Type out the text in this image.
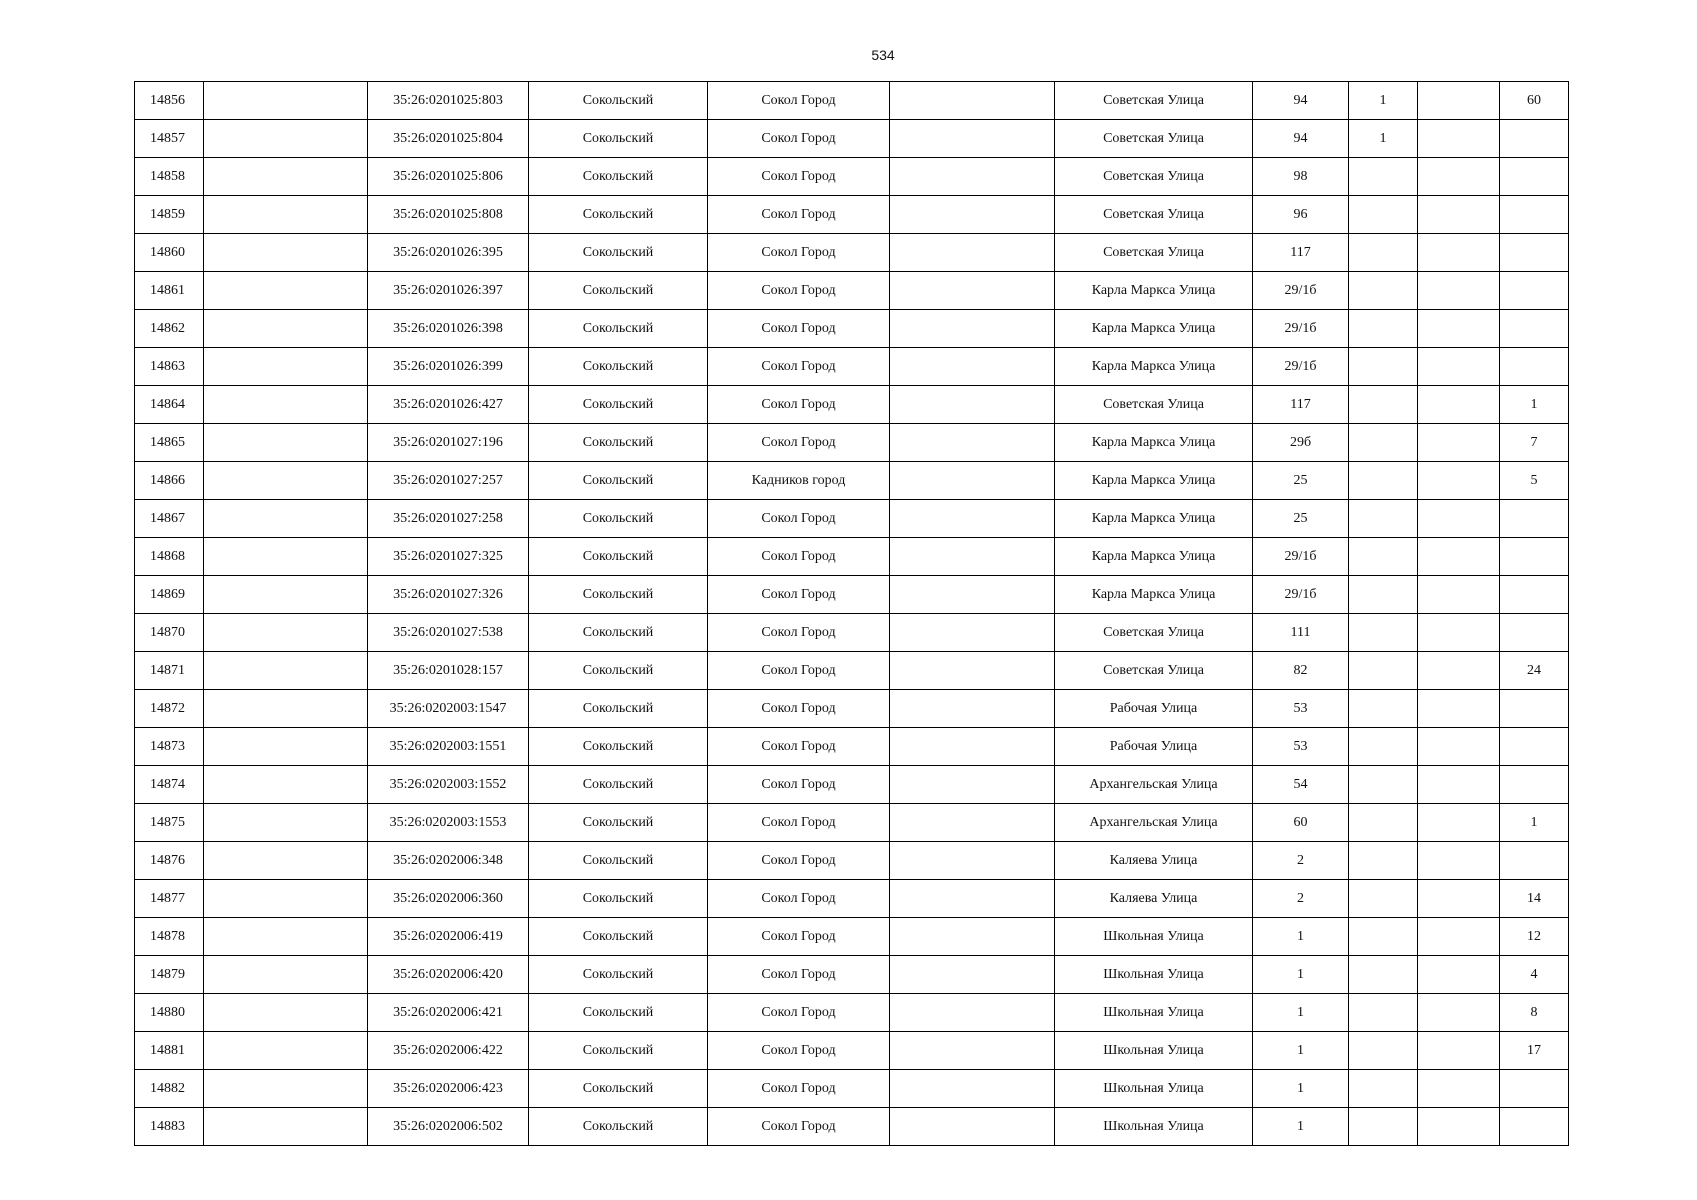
534
14856		35:26:0201025:803	Сокольский	Сокол Город		Советская Улица	94	1		60
14857		35:26:0201025:804	Сокольский	Сокол Город		Советская Улица	94	1		
14858		35:26:0201025:806	Сокольский	Сокол Город		Советская Улица	98			
14859		35:26:0201025:808	Сокольский	Сокол Город		Советская Улица	96			
14860		35:26:0201026:395	Сокольский	Сокол Город		Советская Улица	117			
14861		35:26:0201026:397	Сокольский	Сокол Город		Карла Маркса Улица	29/1б			
14862		35:26:0201026:398	Сокольский	Сокол Город		Карла Маркса Улица	29/1б			
14863		35:26:0201026:399	Сокольский	Сокол Город		Карла Маркса Улица	29/1б			
14864		35:26:0201026:427	Сокольский	Сокол Город		Советская Улица	117			1
14865		35:26:0201027:196	Сокольский	Сокол Город		Карла Маркса Улица	29б			7
14866		35:26:0201027:257	Сокольский	Кадников город		Карла Маркса Улица	25			5
14867		35:26:0201027:258	Сокольский	Сокол Город		Карла Маркса Улица	25			
14868		35:26:0201027:325	Сокольский	Сокол Город		Карла Маркса Улица	29/1б			
14869		35:26:0201027:326	Сокольский	Сокол Город		Карла Маркса Улица	29/1б			
14870		35:26:0201027:538	Сокольский	Сокол Город		Советская Улица	111			
14871		35:26:0201028:157	Сокольский	Сокол Город		Советская Улица	82			24
14872		35:26:0202003:1547	Сокольский	Сокол Город		Рабочая Улица	53			
14873		35:26:0202003:1551	Сокольский	Сокол Город		Рабочая Улица	53			
14874		35:26:0202003:1552	Сокольский	Сокол Город		Архангельская Улица	54			
14875		35:26:0202003:1553	Сокольский	Сокол Город		Архангельская Улица	60			1
14876		35:26:0202006:348	Сокольский	Сокол Город		Каляева Улица	2			
14877		35:26:0202006:360	Сокольский	Сокол Город		Каляева Улица	2			14
14878		35:26:0202006:419	Сокольский	Сокол Город		Школьная Улица	1			12
14879		35:26:0202006:420	Сокольский	Сокол Город		Школьная Улица	1			4
14880		35:26:0202006:421	Сокольский	Сокол Город		Школьная Улица	1			8
14881		35:26:0202006:422	Сокольский	Сокол Город		Школьная Улица	1			17
14882		35:26:0202006:423	Сокольский	Сокол Город		Школьная Улица	1			
14883		35:26:0202006:502	Сокольский	Сокол Город		Школьная Улица	1			
